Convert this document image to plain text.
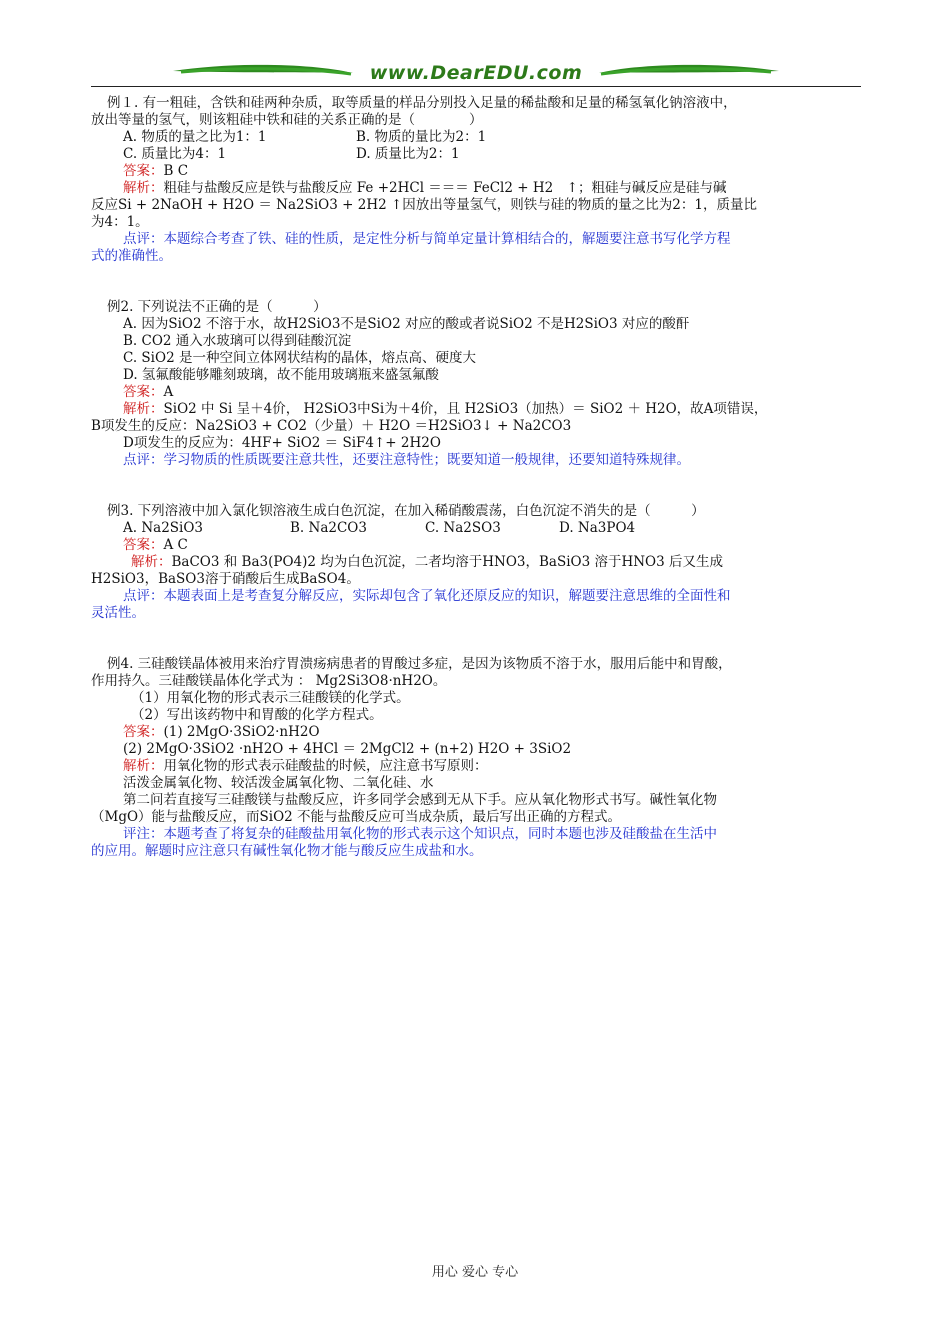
www.DearEDU.com
例１. 有一粗硅，含铁和硅两种杂质，取等质量的样品分别投入足量的稀盐酸和足量的稀氢氧化钠溶液中，
放出等量的氢气，则该粗硅中铁和硅的关系正确的是（　　　　）
A. 物质的量之比为1：1	B. 物质的量比为2：1
C. 质量比为4：1	D. 质量比为2：1
答案：B C
解析：粗硅与盐酸反应是铁与盐酸反应 Fe +2HCl ＝＝＝ FeCl2 + H2　↑；粗硅与碱反应是硅与碱
反应Si + 2NaOH + H2O ＝ Na2SiO3 + 2H2 ↑因放出等量氢气，则铁与硅的物质的量之比为2：1，质量比
为4：1。
点评：本题综合考查了铁、硅的性质，是定性分析与简单定量计算相结合的，解题要注意书写化学方程
式的准确性。
例2. 下列说法不正确的是（　　　）
A. 因为SiO2 不溶于水，故H2SiO3不是SiO2 对应的酸或者说SiO2 不是H2SiO3 对应的酸酐
B. CO2 通入水玻璃可以得到硅酸沉淀
C. SiO2 是一种空间立体网状结构的晶体，熔点高、硬度大
D. 氢氟酸能够雕刻玻璃，故不能用玻璃瓶来盛氢氟酸
答案：A
解析：SiO2 中 Si 呈＋4价， H2SiO3中Si为＋4价，且 H2SiO3（加热）＝ SiO2 ＋ H2O，故A项错误，
B项发生的反应：Na2SiO3 + CO2（少量）＋ H2O ＝H2SiO3↓ + Na2CO3
D项发生的反应为：4HF+ SiO2 ＝ SiF4↑+ 2H2O
点评：学习物质的性质既要注意共性，还要注意特性；既要知道一般规律，还要知道特殊规律。
例3. 下列溶液中加入氯化钡溶液生成白色沉淀，在加入稀硝酸震荡，白色沉淀不消失的是（　　　）
A. Na2SiO3	B. Na2CO3	C. Na2SO3	D. Na3PO4
答案：A C
解析：BaCO3 和 Ba3(PO4)2 均为白色沉淀，二者均溶于HNO3，BaSiO3 溶于HNO3 后又生成
H2SiO3，BaSO3溶于硝酸后生成BaSO4。
点评：本题表面上是考查复分解反应，实际却包含了氧化还原反应的知识，解题要注意思维的全面性和
灵活性。
例4. 三硅酸镁晶体被用来治疗胃溃疡病患者的胃酸过多症，是因为该物质不溶于水，服用后能中和胃酸，
作用持久。三硅酸镁晶体化学式为 ： Mg2Si3O8·nH2O。
（1）用氧化物的形式表示三硅酸镁的化学式。
（2）写出该药物中和胃酸的化学方程式。
答案：(1) 2MgO·3SiO2·nH2O
(2) 2MgO·3SiO2 ·nH2O + 4HCl ＝ 2MgCl2 + (n+2) H2O + 3SiO2
解析：用氧化物的形式表示硅酸盐的时候，应注意书写原则：
活泼金属氧化物、较活泼金属氧化物、二氧化硅、水
第二问若直接写三硅酸镁与盐酸反应，许多同学会感到无从下手。应从氧化物形式书写。碱性氧化物
（MgO）能与盐酸反应，而SiO2 不能与盐酸反应可当成杂质，最后写出正确的方程式。
评注：本题考查了将复杂的硅酸盐用氧化物的形式表示这个知识点，同时本题也涉及硅酸盐在生活中
的应用。解题时应注意只有碱性氧化物才能与酸反应生成盐和水。
用心 爱心 专心
